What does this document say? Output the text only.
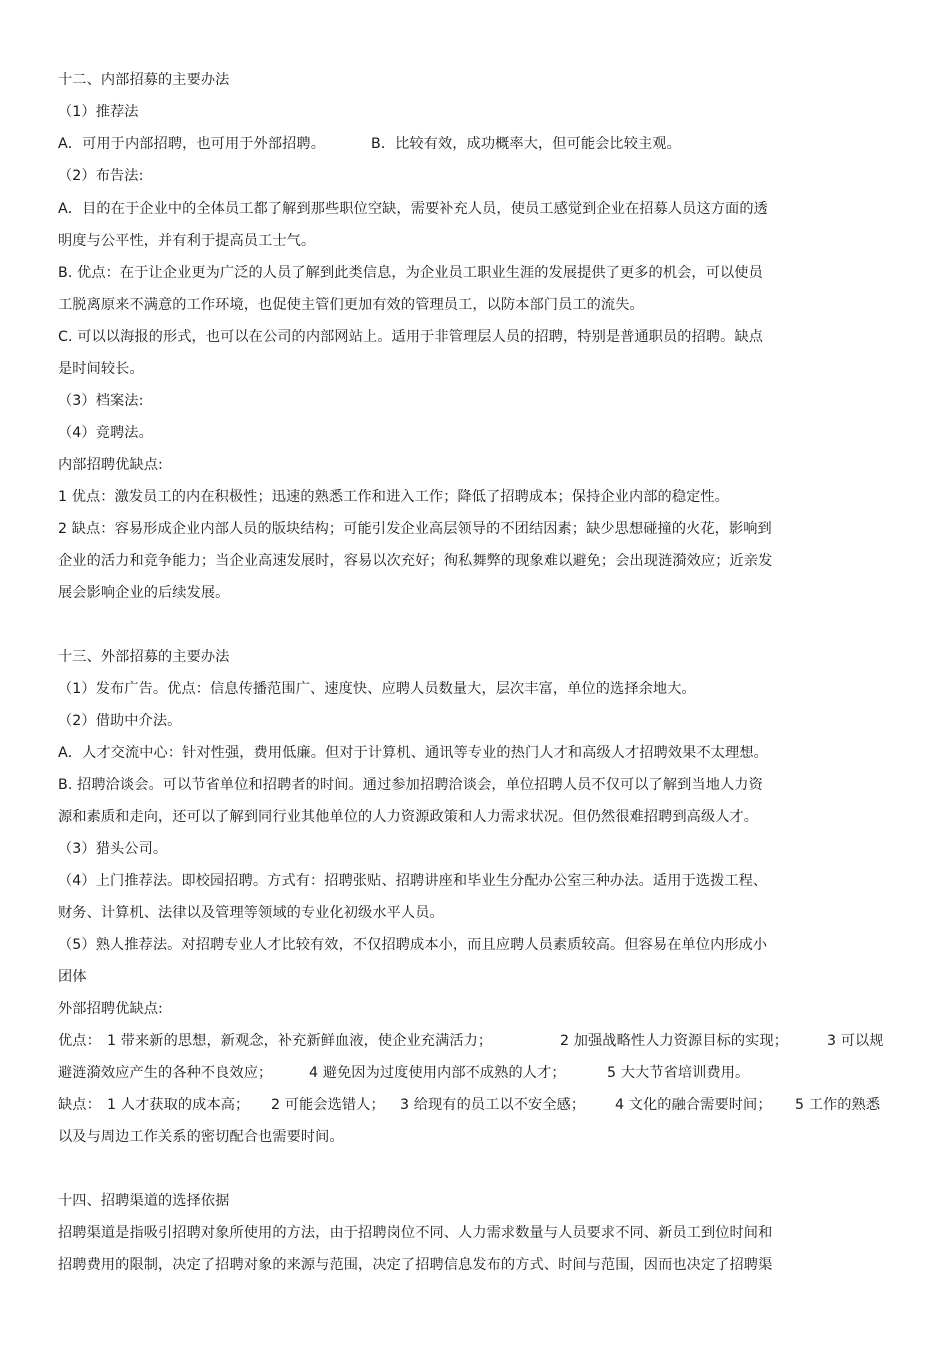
十二、内部招募的主要办法
（1）推荐法
A．可用于内部招聘，也可用于外部招聘。	B．比较有效，成功概率大，但可能会比较主观。
（2）布告法:
A．目的在于企业中的全体员工都了解到那些职位空缺，需要补充人员，使员工感觉到企业在招募人员这方面的透
明度与公平性，并有利于提高员工士气。
B. 优点：在于让企业更为广泛的人员了解到此类信息，为企业员工职业生涯的发展提供了更多的机会，可以使员
工脱离原来不满意的工作环境，也促使主管们更加有效的管理员工，以防本部门员工的流失。
C. 可以以海报的形式，也可以在公司的内部网站上。适用于非管理层人员的招聘，特别是普通职员的招聘。缺点
是时间较长。
（3）档案法:
（4）竞聘法。
内部招聘优缺点:
1 优点：激发员工的内在积极性；迅速的熟悉工作和进入工作；降低了招聘成本；保持企业内部的稳定性。
2 缺点：容易形成企业内部人员的版块结构；可能引发企业高层领导的不团结因素；缺少思想碰撞的火花，影响到
企业的活力和竞争能力；当企业高速发展时，容易以次充好；徇私舞弊的现象难以避免；会出现涟漪效应；近亲发
展会影响企业的后续发展。
十三、外部招募的主要办法
（1）发布广告。优点：信息传播范围广、速度快、应聘人员数量大，层次丰富，单位的选择余地大。
（2）借助中介法。
A．人才交流中心：针对性强，费用低廉。但对于计算机、通讯等专业的热门人才和高级人才招聘效果不太理想。
B. 招聘洽谈会。可以节省单位和招聘者的时间。通过参加招聘洽谈会，单位招聘人员不仅可以了解到当地人力资
源和素质和走向，还可以了解到同行业其他单位的人力资源政策和人力需求状况。但仍然很难招聘到高级人才。
（3）猎头公司。
（4）上门推荐法。即校园招聘。方式有：招聘张贴、招聘讲座和毕业生分配办公室三种办法。适用于选拨工程、
财务、计算机、法律以及管理等领域的专业化初级水平人员。
（5）熟人推荐法。对招聘专业人才比较有效，不仅招聘成本小，而且应聘人员素质较高。但容易在单位内形成小
团体
外部招聘优缺点:
优点： 1 带来新的思想，新观念，补充新鲜血液，使企业充满活力；	2 加强战略性人力资源目标的实现；	3 可以规
避涟漪效应产生的各种不良效应；	4 避免因为过度使用内部不成熟的人才；	5 大大节省培训费用。
缺点： 1 人才获取的成本高； 2 可能会选错人； 3 给现有的员工以不安全感； 4 文化的融合需要时间； 5 工作的熟悉
以及与周边工作关系的密切配合也需要时间。
十四、招聘渠道的选择依据
招聘渠道是指吸引招聘对象所使用的方法，由于招聘岗位不同、人力需求数量与人员要求不同、新员工到位时间和
招聘费用的限制，决定了招聘对象的来源与范围，决定了招聘信息发布的方式、时间与范围，因而也决定了招聘渠
